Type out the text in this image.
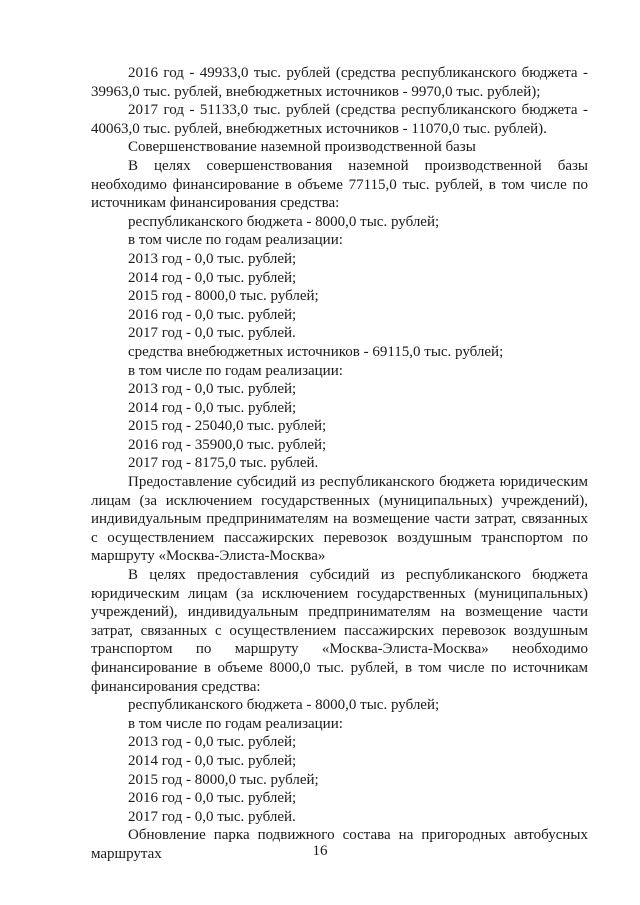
2016 год - 49933,0 тыс. рублей (средства республиканского бюджета - 39963,0 тыс. рублей, внебюджетных источников - 9970,0 тыс. рублей);

2017 год - 51133,0 тыс. рублей (средства республиканского бюджета - 40063,0 тыс. рублей, внебюджетных источников - 11070,0 тыс. рублей).

Совершенствование наземной производственной базы

В целях совершенствования наземной производственной базы необходимо финансирование в объеме 77115,0 тыс. рублей, в том числе по источникам финансирования средства:

республиканского бюджета - 8000,0 тыс. рублей;

в том числе по годам реализации:

2013 год - 0,0 тыс. рублей;

2014 год - 0,0 тыс. рублей;

2015 год - 8000,0 тыс. рублей;

2016 год - 0,0 тыс. рублей;

2017 год - 0,0 тыс. рублей.

средства внебюджетных источников - 69115,0 тыс. рублей;

в том числе по годам реализации:

2013 год - 0,0 тыс. рублей;

2014 год - 0,0 тыс. рублей;

2015 год - 25040,0 тыс. рублей;

2016 год - 35900,0 тыс. рублей;

2017 год - 8175,0 тыс. рублей.

Предоставление субсидий из республиканского бюджета юридическим лицам (за исключением государственных (муниципальных) учреждений), индивидуальным предпринимателям на возмещение части затрат, связанных с осуществлением пассажирских перевозок воздушным транспортом по маршруту «Москва-Элиста-Москва»

В целях предоставления субсидий из республиканского бюджета юридическим лицам (за исключением государственных (муниципальных) учреждений), индивидуальным предпринимателям на возмещение части затрат, связанных с осуществлением пассажирских перевозок воздушным транспортом по маршруту «Москва-Элиста-Москва» необходимо финансирование в объеме 8000,0 тыс. рублей, в том числе по источникам финансирования средства:

республиканского бюджета - 8000,0 тыс. рублей;

в том числе по годам реализации:

2013 год - 0,0 тыс. рублей;

2014 год - 0,0 тыс. рублей;

2015 год - 8000,0 тыс. рублей;

2016 год - 0,0 тыс. рублей;

2017 год - 0,0 тыс. рублей.

Обновление парка подвижного состава на пригородных автобусных маршрутах	16
